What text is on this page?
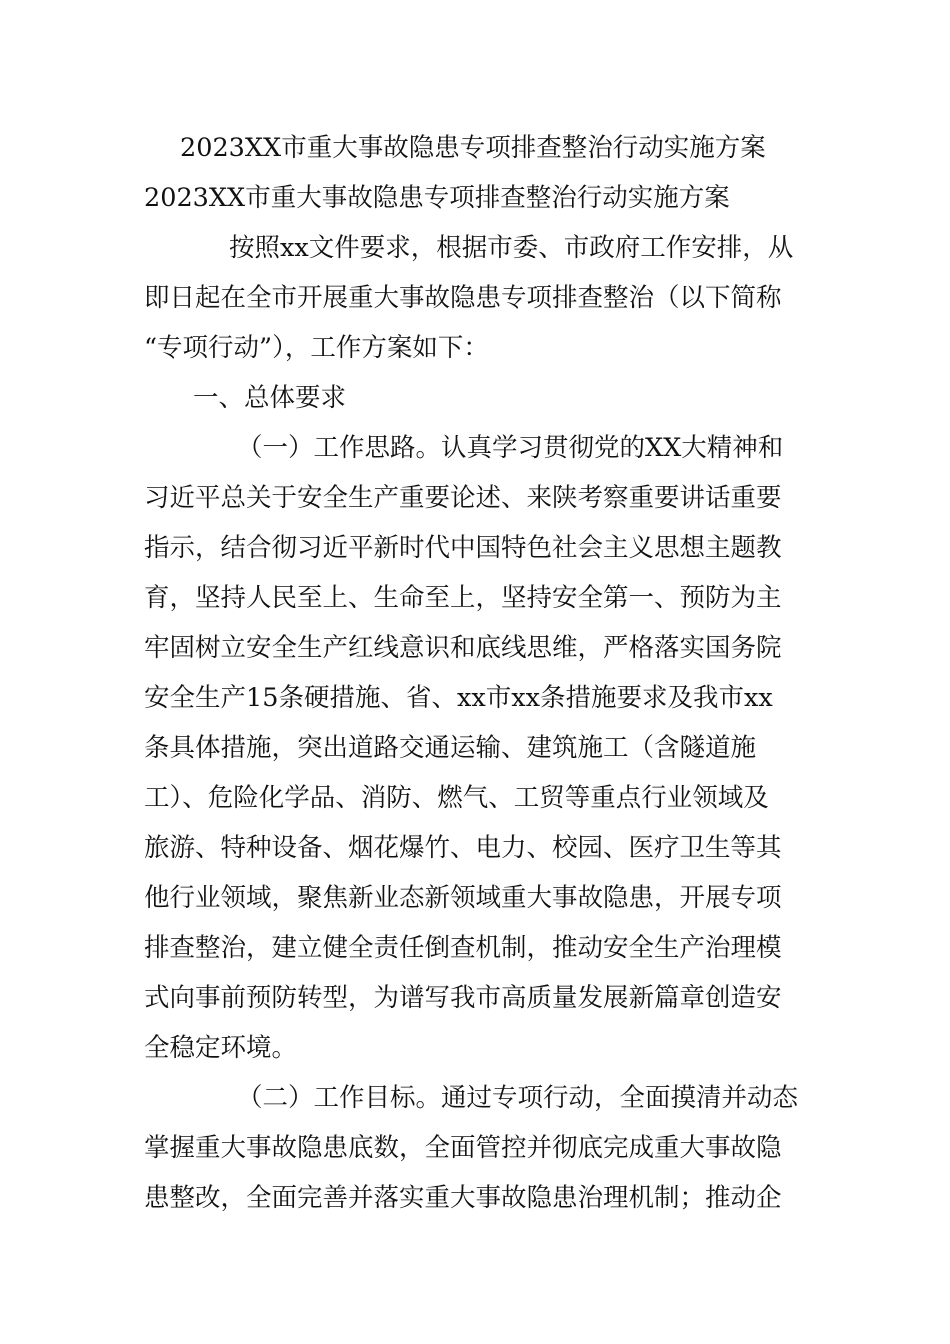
2023XX市重大事故隐患专项排查整治行动实施方案

2023XX市重大事故隐患专项排查整治行动实施方案

按照xx文件要求，根据市委、市政府工作安排，从

即日起在全市开展重大事故隐患专项排查整治（以下简称

“专项行动”），工作方案如下：

一、总体要求

（一）工作思路。认真学习贯彻党的XX大精神和

习近平总关于安全生产重要论述、来陕考察重要讲话重要

指示，结合彻习近平新时代中国特色社会主义思想主题教

育，坚持人民至上、生命至上，坚持安全第一、预防为主

牢固树立安全生产红线意识和底线思维，严格落实国务院

安全生产15条硬措施、省、xx市xx条措施要求及我市xx

条具体措施，突出道路交通运输、建筑施工（含隧道施

工）、危险化学品、消防、燃气、工贸等重点行业领域及

旅游、特种设备、烟花爆竹、电力、校园、医疗卫生等其

他行业领域，聚焦新业态新领域重大事故隐患，开展专项

排查整治，建立健全责任倒查机制，推动安全生产治理模

式向事前预防转型，为谱写我市高质量发展新篇章创造安

全稳定环境。

（二）工作目标。通过专项行动，全面摸清并动态

掌握重大事故隐患底数，全面管控并彻底完成重大事故隐

患整改，全面完善并落实重大事故隐患治理机制；推动企
